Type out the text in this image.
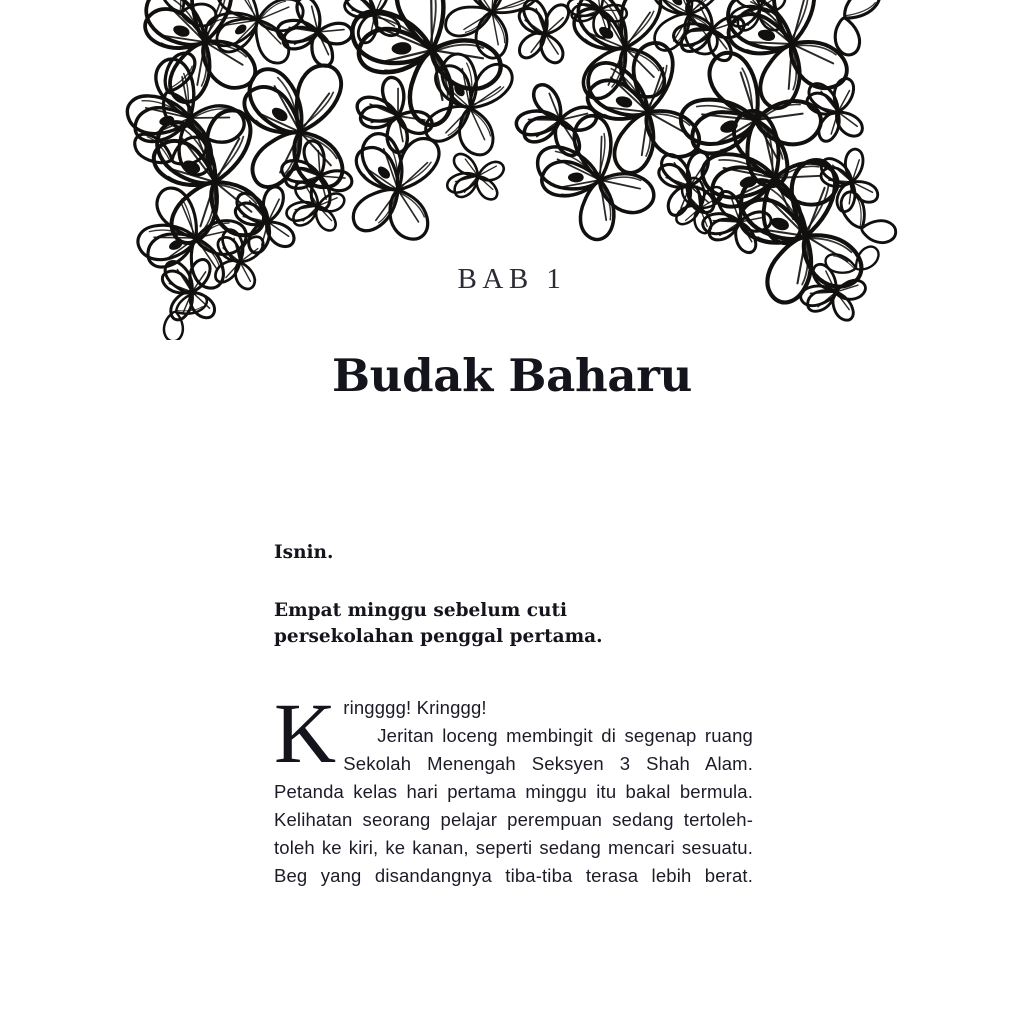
BAB 1
Budak Baharu

Isnin.

Empat minggu sebelum cuti persekolahan penggal pertama.

Kringggg! Kringgg!
Jeritan loceng membingit di segenap ruang Sekolah Menengah Seksyen 3 Shah Alam. Petanda kelas hari pertama minggu itu bakal bermula. Kelihatan seorang pelajar perempuan sedang tertoleh-toleh ke kiri, ke kanan, seperti sedang mencari sesuatu. Beg yang disandangnya tiba-tiba terasa lebih berat.
